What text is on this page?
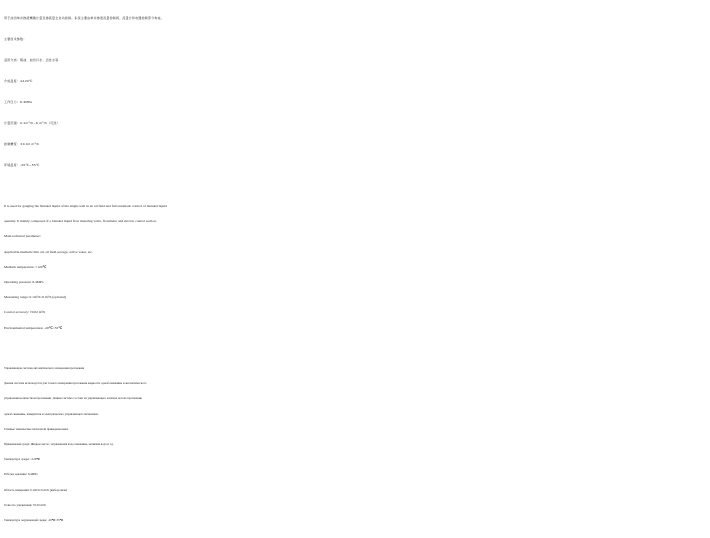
用于油田单井掺液精确计量及掺液量全自动控制。系统主要由单井掺液流量控制阀、流量计和电器控制部分构成。
主要技术参数：
适用介质：稀油、油田污水、活性水等
介质温度：≤120℃
工作压力：6.4MPa
计量范围：0.1m³/h~6 m³/h（可选）
控制精度：±0.02 m³/h
环境温度：-20℃~55℃
It is used for gauging the blended liquid of the single-well in an oil field and full automatic control of blended liquid
quantity. It mainly composed of a blended liquid flow metering valve, flowmeter and electric control section.
Main technical parameter:
Applicable medium: thin oil, oil field sewage, active water, etc.
Medium temperature: ≤120℃
Operating pressure: 6.4MPa
Measuring range: 0.1m³/h~6 m³/h (optional)
Control accuracy: ±0.02 m³/h
Environmental temperature: -20℃~55℃
Управляющая система автоматического измерения протекания
Данная система используется для точного измерения протекания жидкости одной скважины и автоматического
управления количеством протекания. Данная система состоит из управляющего клапана потока протекания
одной скважины, измерителя и электрического управляющего механизма.
Главные технические пахазатели приведены ниже.
Применяемая среда: Жидкое масло, загрязненная вода скважины, активная вода и т.д.
Температура среды: ≤120℃
Рабочее давление: 6.4MPa
Область измерения: 0.1m³/h~6 m³/h (выборочная)
Точность управления: ±0.02 m³/h
Температура окружающей среды: -20℃~55℃
